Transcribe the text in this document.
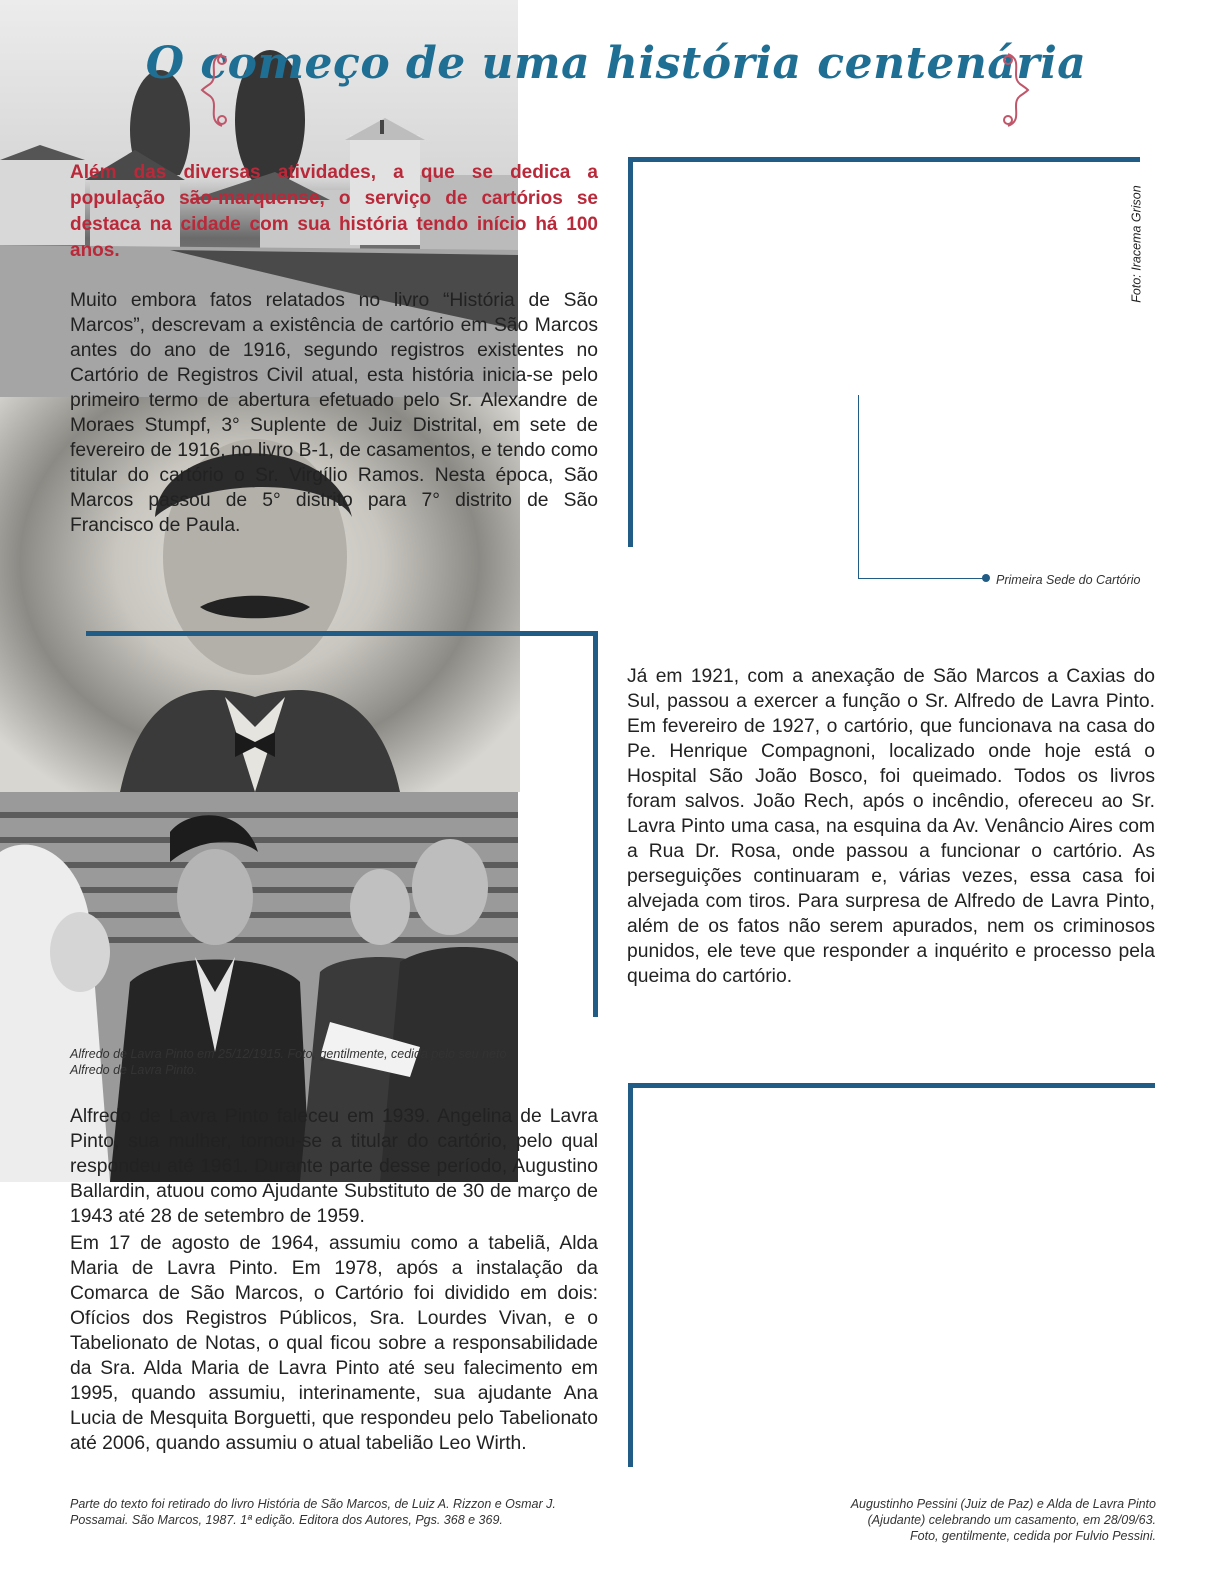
O começo de uma história centenária
Além das diversas atividades, a que se dedica a população são-marquense, o serviço de cartórios se destaca na cidade com sua história tendo início há 100 anos.
Muito embora fatos relatados no livro “História de São Marcos”, descrevam a existência de cartório em São Marcos antes do ano de 1916, segundo registros existentes no Cartório de Registros Civil atual, esta história inicia-se pelo primeiro termo de abertura efetuado pelo Sr. Alexandre de Moraes Stumpf, 3° Suplente de Juiz Distrital, em sete de fevereiro de 1916, no livro B-1, de casamentos, e tendo como titular do cartório o Sr. Virgílio Ramos. Nesta época, São Marcos passou de 5° distrito para 7° distrito de São Francisco de Paula.
Foto: Iracema Grison
Primeira Sede do Cartório
Alfredo de Lavra Pinto em 25/12/1915. Foto, gentilmente, cedida pelo seu neto
Alfredo de Lavra Pinto.
Já em 1921, com a anexação de São Marcos a Caxias do Sul, passou a exercer a função o Sr. Alfredo de Lavra Pinto. Em fevereiro de 1927, o cartório, que funcionava na casa do Pe. Henrique Compagnoni, localizado onde hoje está o Hospital São João Bosco, foi queimado. Todos os livros foram salvos. João Rech, após o incêndio, ofereceu ao Sr. Lavra Pinto uma casa, na esquina da Av. Venâncio Aires com a Rua Dr. Rosa, onde passou a funcionar o cartório. As perseguições continuaram e, várias vezes, essa casa foi alvejada com tiros. Para surpresa de Alfredo de Lavra Pinto, além de os fatos não serem apurados, nem os criminosos punidos, ele teve que responder a inquérito e processo pela queima do cartório.
Alfredo de Lavra Pinto faleceu em 1939. Angelina de Lavra Pinto, sua mulher, tornou-se a titular do cartório, pelo qual respondeu até 1961. Durante parte desse período, Augustino Ballardin, atuou como Ajudante Substituto de 30 de março de 1943 até 28 de setembro de 1959.
Em 17 de agosto de 1964, assumiu como a tabeliã, Alda Maria de Lavra Pinto. Em 1978, após a instalação da Comarca de São Marcos, o Cartório foi dividido em dois: Ofícios dos Registros Públicos, Sra. Lourdes Vivan, e o Tabelionato de Notas, o qual ficou sobre a responsabilidade da Sra. Alda Maria de Lavra Pinto até seu falecimento em 1995, quando assumiu, interinamente, sua ajudante Ana Lucia de Mesquita Borguetti, que respondeu pelo Tabelionato até 2006, quando assumiu o atual tabelião Leo Wirth.
Augustinho Pessini (Juiz de Paz) e Alda de Lavra Pinto
(Ajudante) celebrando um casamento, em 28/09/63.
Foto, gentilmente, cedida por Fulvio Pessini.
Parte do texto foi retirado do livro História de São Marcos, de Luiz A. Rizzon e Osmar J.
Possamai. São Marcos, 1987. 1ª edição. Editora dos Autores, Pgs. 368 e 369.
